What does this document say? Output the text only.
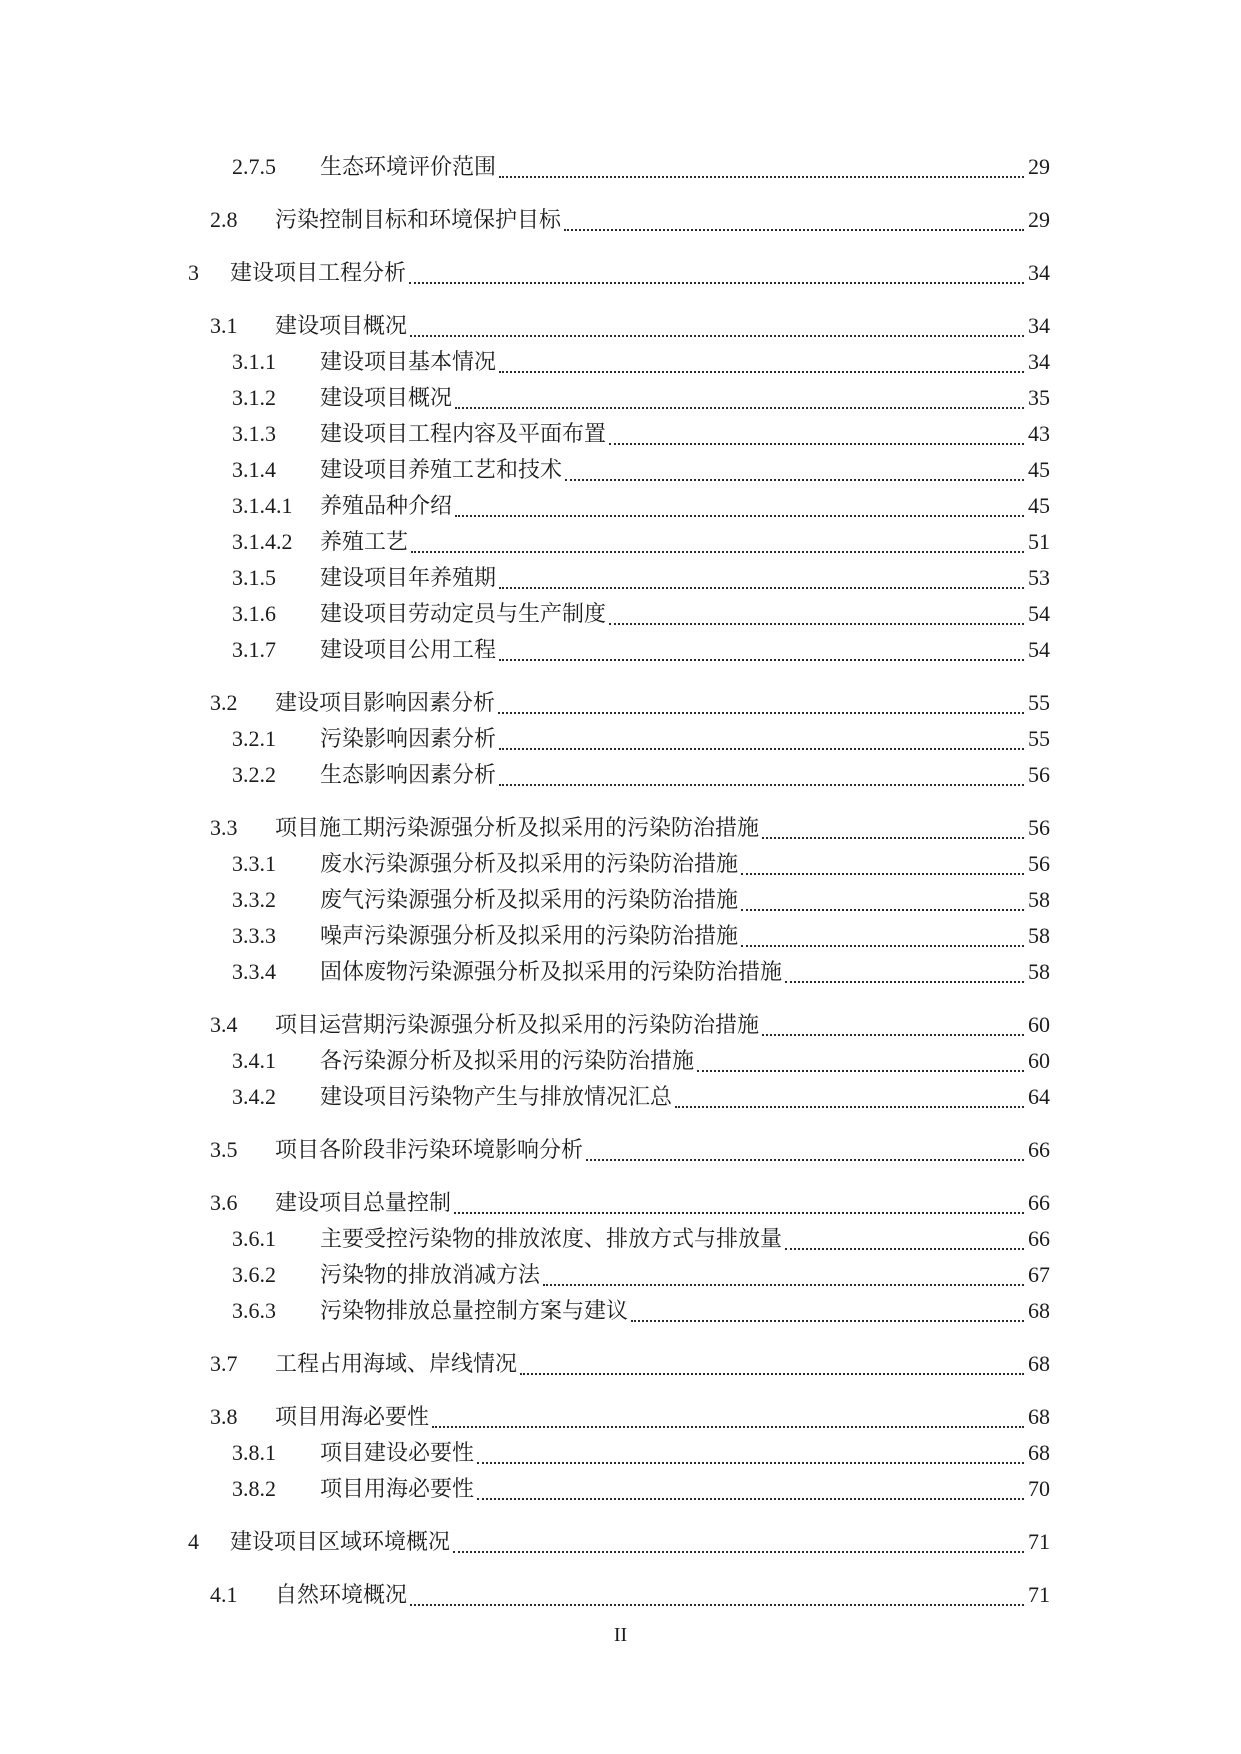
2.7.5	生态环境评价范围	29
2.8	污染控制目标和环境保护目标	29
3	建设项目工程分析	34
3.1	建设项目概况	34
3.1.1	建设项目基本情况	34
3.1.2	建设项目概况	35
3.1.3	建设项目工程内容及平面布置	43
3.1.4	建设项目养殖工艺和技术	45
3.1.4.1	养殖品种介绍	45
3.1.4.2	养殖工艺	51
3.1.5	建设项目年养殖期	53
3.1.6	建设项目劳动定员与生产制度	54
3.1.7	建设项目公用工程	54
3.2	建设项目影响因素分析	55
3.2.1	污染影响因素分析	55
3.2.2	生态影响因素分析	56
3.3	项目施工期污染源强分析及拟采用的污染防治措施	56
3.3.1	废水污染源强分析及拟采用的污染防治措施	56
3.3.2	废气污染源强分析及拟采用的污染防治措施	58
3.3.3	噪声污染源强分析及拟采用的污染防治措施	58
3.3.4	固体废物污染源强分析及拟采用的污染防治措施	58
3.4	项目运营期污染源强分析及拟采用的污染防治措施	60
3.4.1	各污染源分析及拟采用的污染防治措施	60
3.4.2	建设项目污染物产生与排放情况汇总	64
3.5	项目各阶段非污染环境影响分析	66
3.6	建设项目总量控制	66
3.6.1	主要受控污染物的排放浓度、排放方式与排放量	66
3.6.2	污染物的排放消减方法	67
3.6.3	污染物排放总量控制方案与建议	68
3.7	工程占用海域、岸线情况	68
3.8	项目用海必要性	68
3.8.1	项目建设必要性	68
3.8.2	项目用海必要性	70
4	建设项目区域环境概况	71
4.1	自然环境概况	71
II
